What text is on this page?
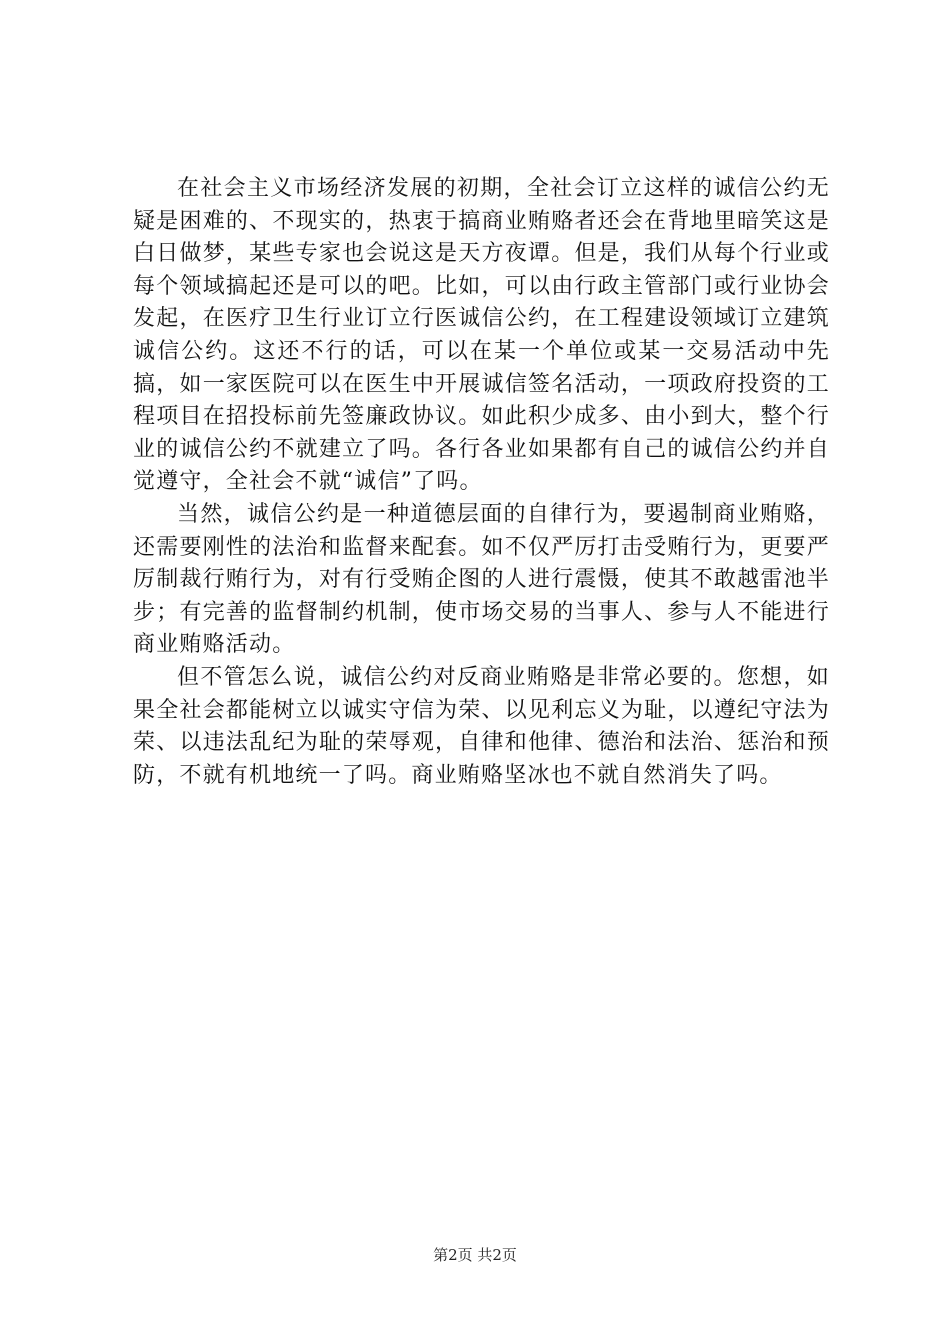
在社会主义市场经济发展的初期，全社会订立这样的诚信公约无疑是困难的、不现实的，热衷于搞商业贿赂者还会在背地里暗笑这是白日做梦，某些专家也会说这是天方夜谭。但是，我们从每个行业或每个领域搞起还是可以的吧。比如，可以由行政主管部门或行业协会发起，在医疗卫生行业订立行医诚信公约，在工程建设领域订立建筑诚信公约。这还不行的话，可以在某一个单位或某一交易活动中先搞，如一家医院可以在医生中开展诚信签名活动，一项政府投资的工程项目在招投标前先签廉政协议。如此积少成多、由小到大，整个行业的诚信公约不就建立了吗。各行各业如果都有自己的诚信公约并自觉遵守，全社会不就“诚信”了吗。

当然，诚信公约是一种道德层面的自律行为，要遏制商业贿赂，还需要刚性的法治和监督来配套。如不仅严厉打击受贿行为，更要严厉制裁行贿行为，对有行受贿企图的人进行震慑，使其不敢越雷池半步；有完善的监督制约机制，使市场交易的当事人、参与人不能进行商业贿赂活动。

但不管怎么说，诚信公约对反商业贿赂是非常必要的。您想，如果全社会都能树立以诚实守信为荣、以见利忘义为耻，以遵纪守法为荣、以违法乱纪为耻的荣辱观，自律和他律、德治和法治、惩治和预防，不就有机地统一了吗。商业贿赂坚冰也不就自然消失了吗。

第2页 共2页
